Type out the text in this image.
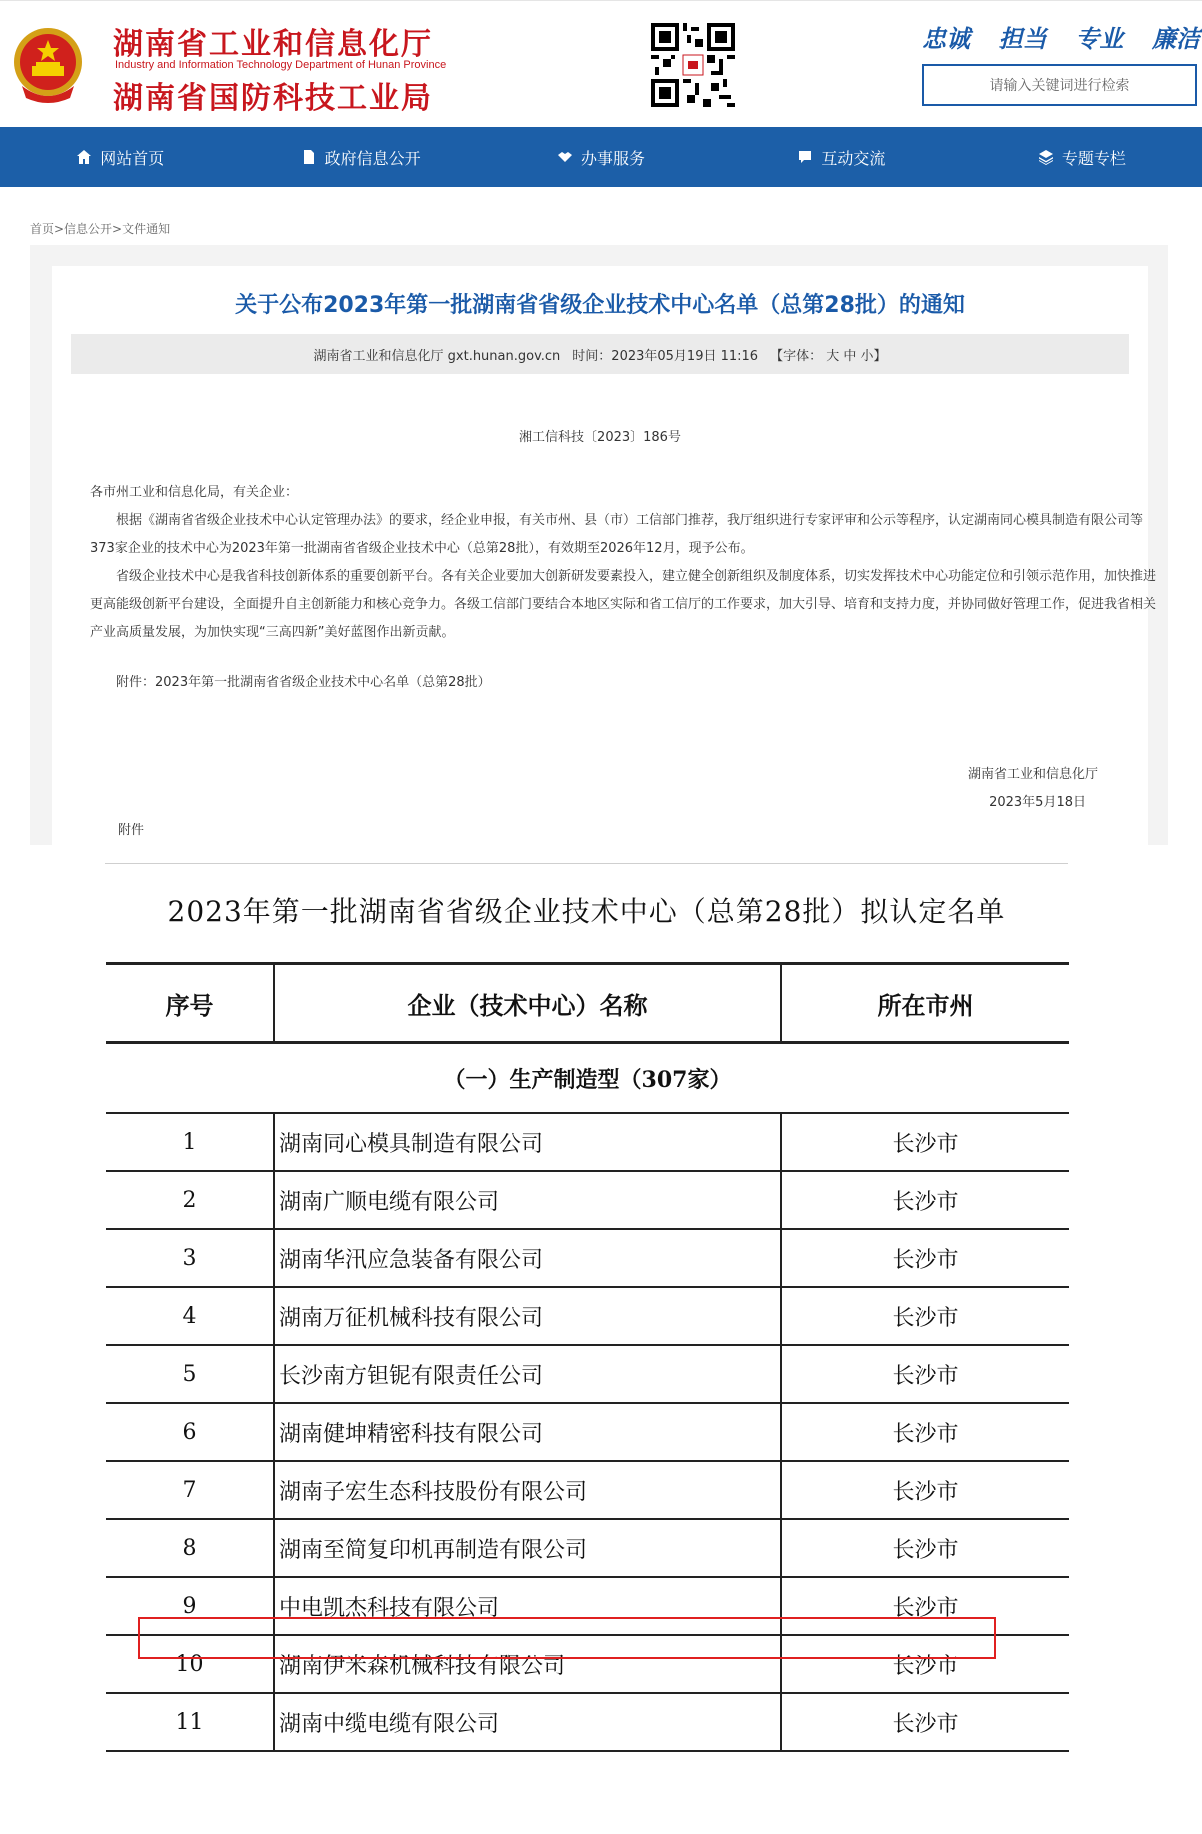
湖南省工业和信息化厅
Industry and Information Technology Department of Hunan Province
湖南省国防科技工业局
忠诚 担当 专业 廉洁
请输入关键词进行检索
网站首页	政府信息公开	办事服务	互动交流	专题专栏
首页>信息公开>文件通知
关于公布2023年第一批湖南省省级企业技术中心名单（总第28批）的通知
湖南省工业和信息化厅 gxt.hunan.gov.cn 时间：2023年05月19日 11:16 【字体： 大 中 小】
湘工信科技〔2023〕186号
各市州工业和信息化局，有关企业：
根据《湖南省省级企业技术中心认定管理办法》的要求，经企业申报，有关市州、县（市）工信部门推荐，我厅组织进行专家评审和公示等程序，认定湖南同心模具制造有限公司等373家企业的技术中心为2023年第一批湖南省省级企业技术中心（总第28批），有效期至2026年12月，现予公布。
省级企业技术中心是我省科技创新体系的重要创新平台。各有关企业要加大创新研发要素投入，建立健全创新组织及制度体系，切实发挥技术中心功能定位和引领示范作用，加快推进更高能级创新平台建设，全面提升自主创新能力和核心竞争力。各级工信部门要结合本地区实际和省工信厅的工作要求，加大引导、培育和支持力度，并协同做好管理工作，促进我省相关产业高质量发展，为加快实现“三高四新”美好蓝图作出新贡献。
附件：2023年第一批湖南省省级企业技术中心名单（总第28批）
湖南省工业和信息化厅
2023年5月18日
附件
2023年第一批湖南省省级企业技术中心（总第28批）拟认定名单
序号	企业（技术中心）名称	所在市州
（一）生产制造型（307家）		
1	湖南同心模具制造有限公司	长沙市
2	湖南广顺电缆有限公司	长沙市
3	湖南华汛应急装备有限公司	长沙市
4	湖南万征机械科技有限公司	长沙市
5	长沙南方钽铌有限责任公司	长沙市
6	湖南健坤精密科技有限公司	长沙市
7	湖南子宏生态科技股份有限公司	长沙市
8	湖南至简复印机再制造有限公司	长沙市
9	中电凯杰科技有限公司	长沙市
10	湖南伊米森机械科技有限公司	长沙市
11	湖南中缆电缆有限公司	长沙市
